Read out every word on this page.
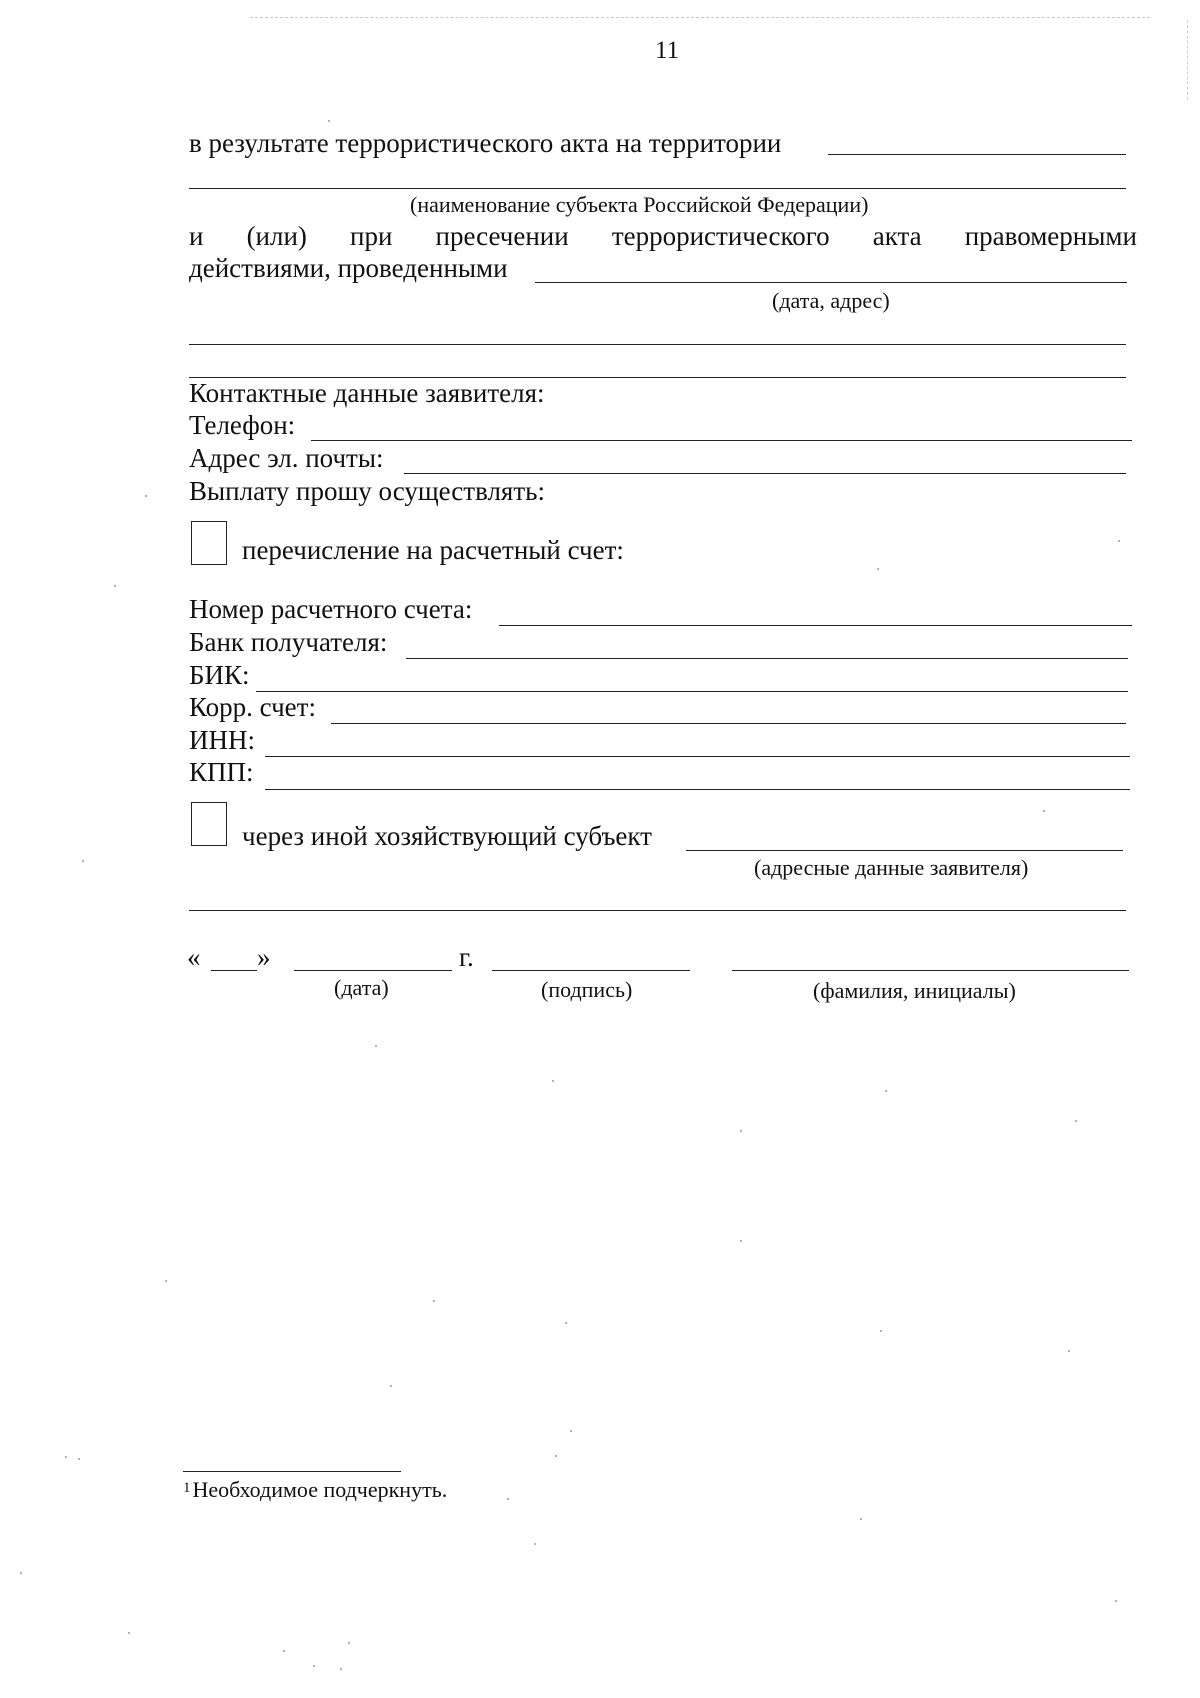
11
в результате террористического акта на территории
(наименование субъекта Российской Федерации)
и (или) при пресечении террористического акта правомерными
действиями, проведенными
(дата, адрес)
Контактные данные заявителя:
Телефон:
Адрес эл. почты:
Выплату прошу осуществлять:
перечисление на расчетный счет:
Номер расчетного счета:
Банк получателя:
БИК:
Корр. счет:
ИНН:
КПП:
через иной хозяйствующий субъект
(адресные данные заявителя)
« »	г.
(дата)	(подпись)	(фамилия, инициалы)
$^1$Необходимое подчеркнуть.
